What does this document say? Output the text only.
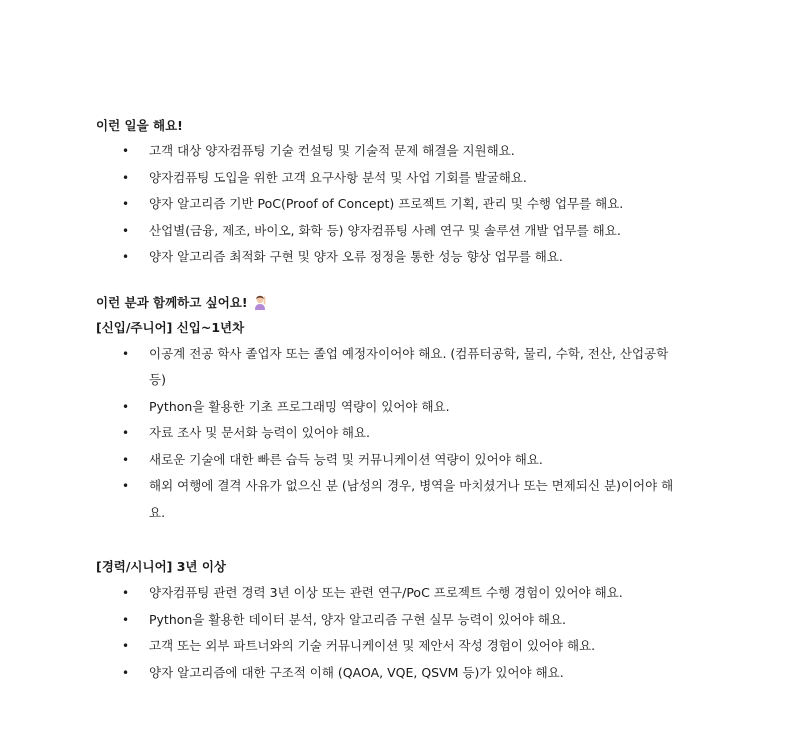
이런 일을 해요!
• 고객 대상 양자컴퓨팅 기술 컨설팅 및 기술적 문제 해결을 지원해요.
• 양자컴퓨팅 도입을 위한 고객 요구사항 분석 및 사업 기회를 발굴해요.
• 양자 알고리즘 기반 PoC(Proof of Concept) 프로젝트 기획, 관리 및 수행 업무를 해요.
• 산업별(금융, 제조, 바이오, 화학 등) 양자컴퓨팅 사례 연구 및 솔루션 개발 업무를 해요.
• 양자 알고리즘 최적화 구현 및 양자 오류 정정을 통한 성능 향상 업무를 해요.
이런 분과 함께하고 싶어요!
[신입/주니어] 신입~1년차
• 이공계 전공 학사 졸업자 또는 졸업 예정자이어야 해요. (컴퓨터공학, 물리, 수학, 전산, 산업공학 등)
• Python을 활용한 기초 프로그래밍 역량이 있어야 해요.
• 자료 조사 및 문서화 능력이 있어야 해요.
• 새로운 기술에 대한 빠른 습득 능력 및 커뮤니케이션 역량이 있어야 해요.
• 해외 여행에 결격 사유가 없으신 분 (남성의 경우, 병역을 마치셨거나 또는 면제되신 분)이어야 해요.
[경력/시니어] 3년 이상
• 양자컴퓨팅 관련 경력 3년 이상 또는 관련 연구/PoC 프로젝트 수행 경험이 있어야 해요.
• Python을 활용한 데이터 분석, 양자 알고리즘 구현 실무 능력이 있어야 해요.
• 고객 또는 외부 파트너와의 기술 커뮤니케이션 및 제안서 작성 경험이 있어야 해요.
• 양자 알고리즘에 대한 구조적 이해 (QAOA, VQE, QSVM 등)가 있어야 해요.
